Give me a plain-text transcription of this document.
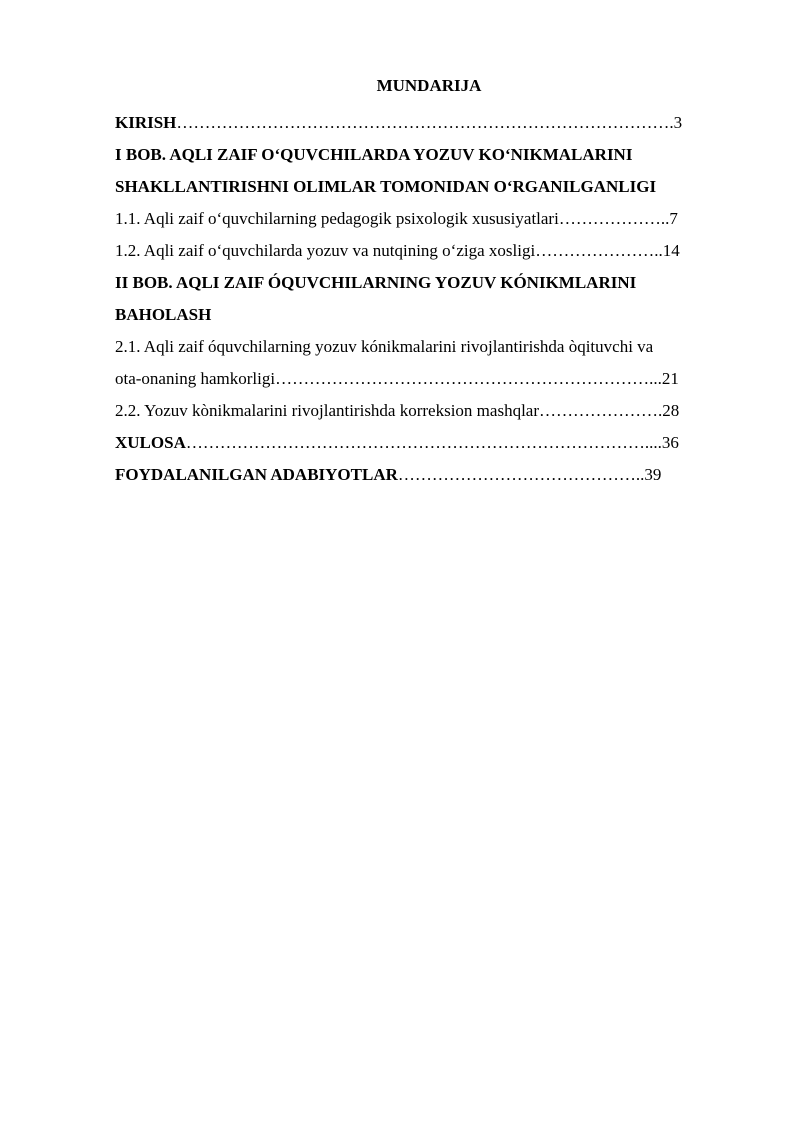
MUNDARIJA
KIRISH…………………………………………………………………………….3
I BOB. AQLI ZAIF O‘QUVCHILARDA YOZUV KO‘NIKMALARINI
SHAKLLANTIRISHNI OLIMLAR TOMONIDAN O‘RGANILGANLIGI
1.1. Aqli zaif o‘quvchilarning pedagogik psixologik xususiyatlari………………..7
1.2. Aqli zaif o‘quvchilarda yozuv va nutqining o‘ziga xosligi…………………..14
II BOB. AQLI ZAIF ÓQUVCHILARNING YOZUV KÓNIKMLARINI
BAHOLASH
2.1. Aqli zaif óquvchilarning yozuv kónikmalarini rivojlantirishda òqituvchi va
ota-onaning hamkorligi…………………………………………………………...21
2.2. Yozuv kònikmalarini rivojlantirishda korreksion mashqlar………………….28
XULOSA………………………………………………………………………....36
FOYDALANILGAN ADABIYOTLAR……………………………………..39
